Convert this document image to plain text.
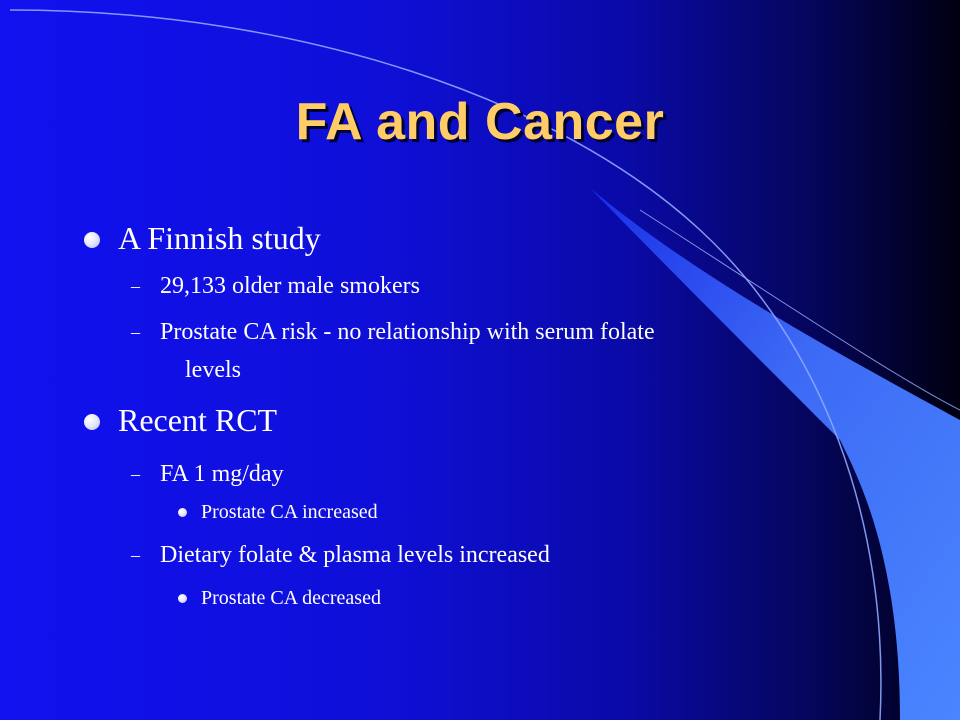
FA and Cancer
A Finnish study
– 29,133 older male smokers
– Prostate CA risk - no relationship with serum folate
levels
Recent RCT
– FA 1 mg/day
Prostate CA increased
– Dietary folate & plasma levels increased
Prostate CA decreased
